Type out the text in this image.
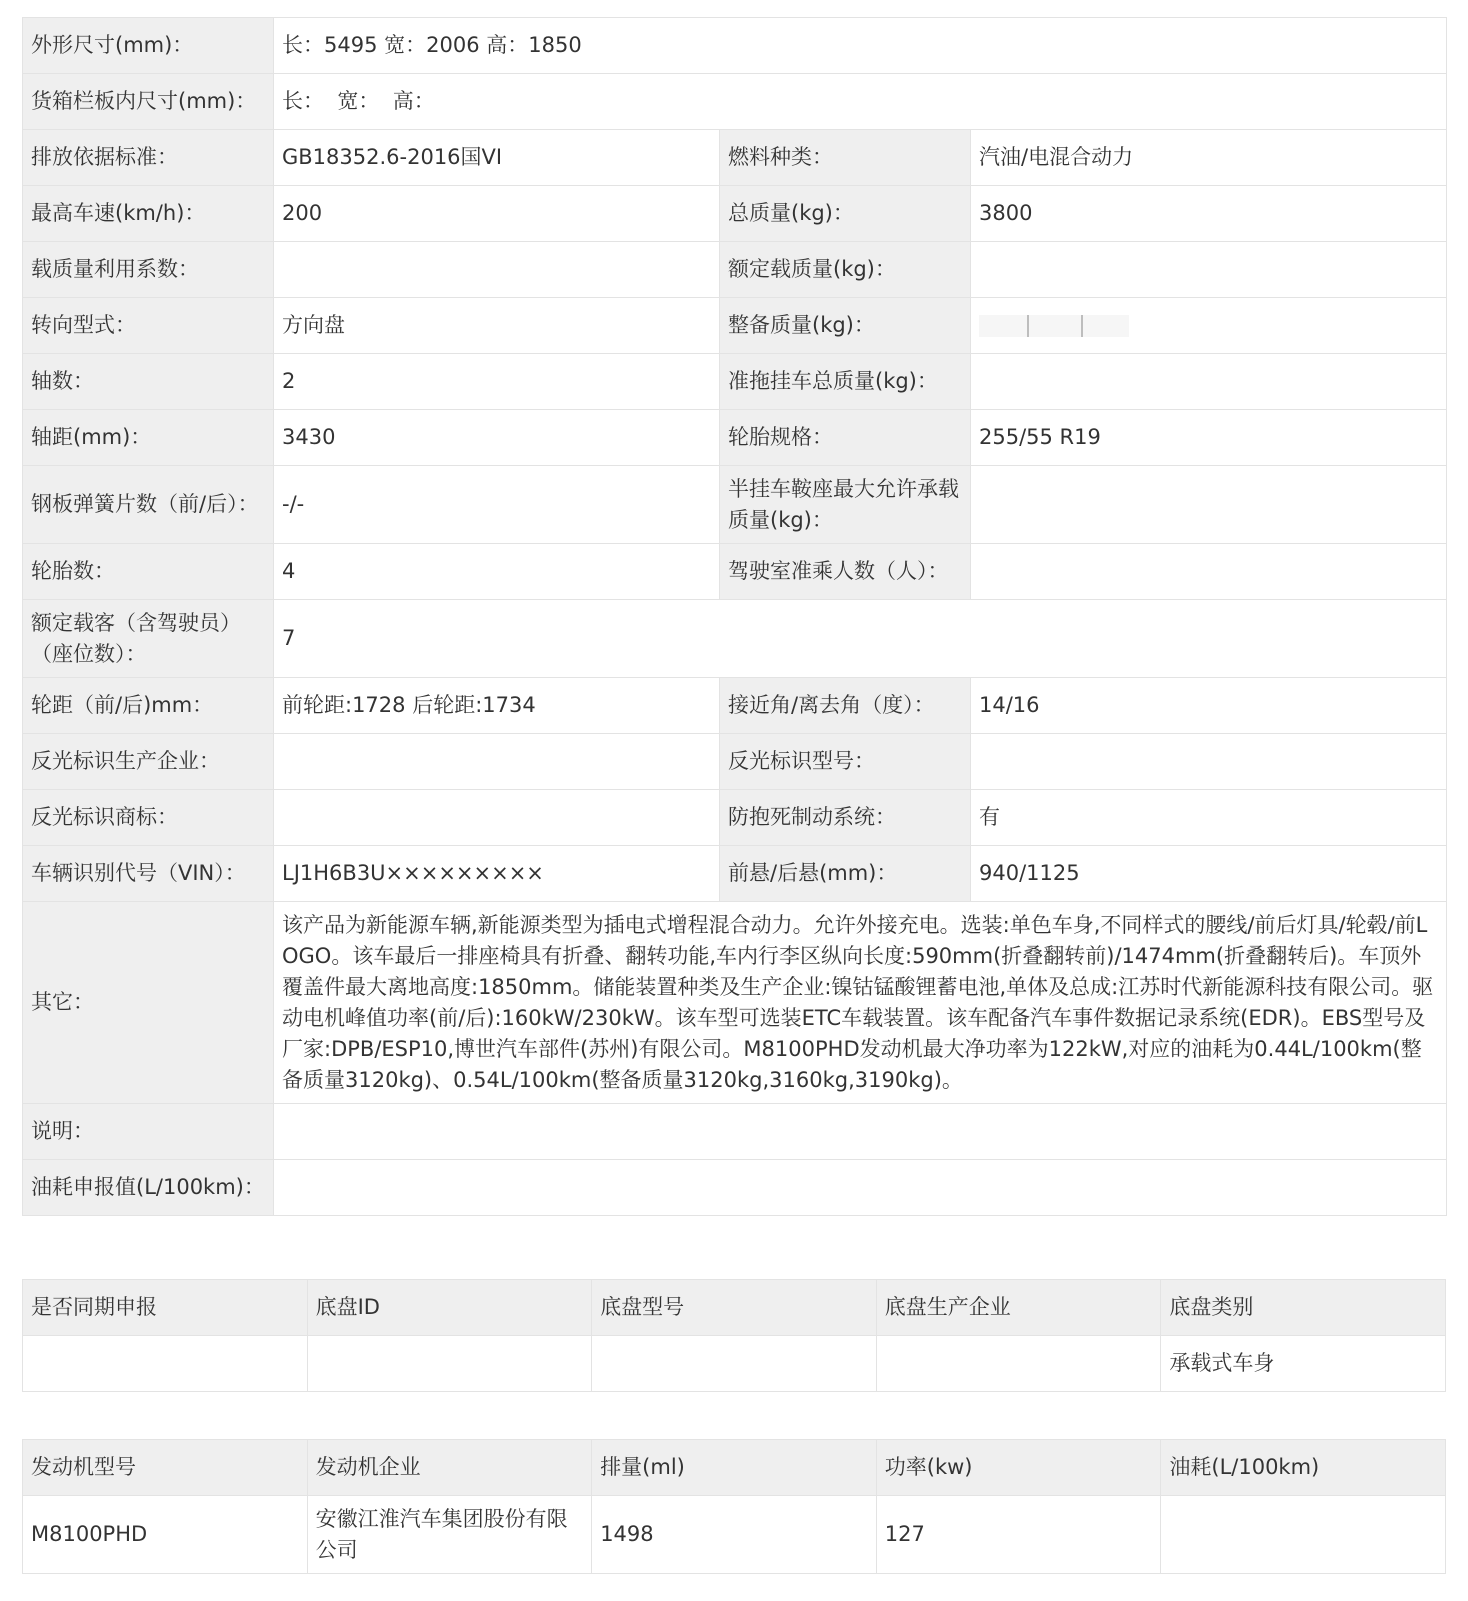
外形尺寸(mm)：	长：5495 宽：2006 高：1850		
货箱栏板内尺寸(mm)：	长：  宽：  高：		
排放依据标准：	GB18352.6-2016国VI	燃料种类：	汽油/电混合动力
最高车速(km/h)：	200	总质量(kg)：	3800
载质量利用系数：		额定载质量(kg)：	
转向型式：	方向盘	整备质量(kg)：	
轴数：	2	准拖挂车总质量(kg)：	
轴距(mm)：	3430	轮胎规格：	255/55 R19
钢板弹簧片数（前/后）：	-/-	半挂车鞍座最大允许承载质量(kg)：	
轮胎数：	4	驾驶室准乘人数（人）：	
额定载客（含驾驶员）（座位数）：	7		
轮距（前/后)mm：	前轮距:1728 后轮距:1734	接近角/离去角（度）：	14/16
反光标识生产企业：		反光标识型号：	
反光标识商标：		防抱死制动系统：	有
车辆识别代号（VIN）：	LJ1H6B3U×××××××××	前悬/后悬(mm)：	940/1125
其它：	该产品为新能源车辆,新能源类型为插电式增程混合动力。允许外接充电。选装:单色车身,不同样式的腰线/前后灯具/轮毂/前LOGO。该车最后一排座椅具有折叠、翻转功能,车内行李区纵向长度:590mm(折叠翻转前)/1474mm(折叠翻转后)。车顶外覆盖件最大离地高度:1850mm。储能装置种类及生产企业:镍钴锰酸锂蓄电池,单体及总成:江苏时代新能源科技有限公司。驱动电机峰值功率(前/后):160kW/230kW。该车型可选装ETC车载装置。该车配备汽车事件数据记录系统(EDR)。EBS型号及厂家:DPB/ESP10,博世汽车部件(苏州)有限公司。M8100PHD发动机最大净功率为122kW,对应的油耗为0.44L/100km(整备质量3120kg)、0.54L/100km(整备质量3120kg,3160kg,3190kg)。		
说明：			
油耗申报值(L/100km)：			
是否同期申报	底盘ID	底盘型号	底盘生产企业	底盘类别
				承载式车身
发动机型号	发动机企业	排量(ml)	功率(kw)	油耗(L/100km)
M8100PHD	安徽江淮汽车集团股份有限公司	1498	127	
